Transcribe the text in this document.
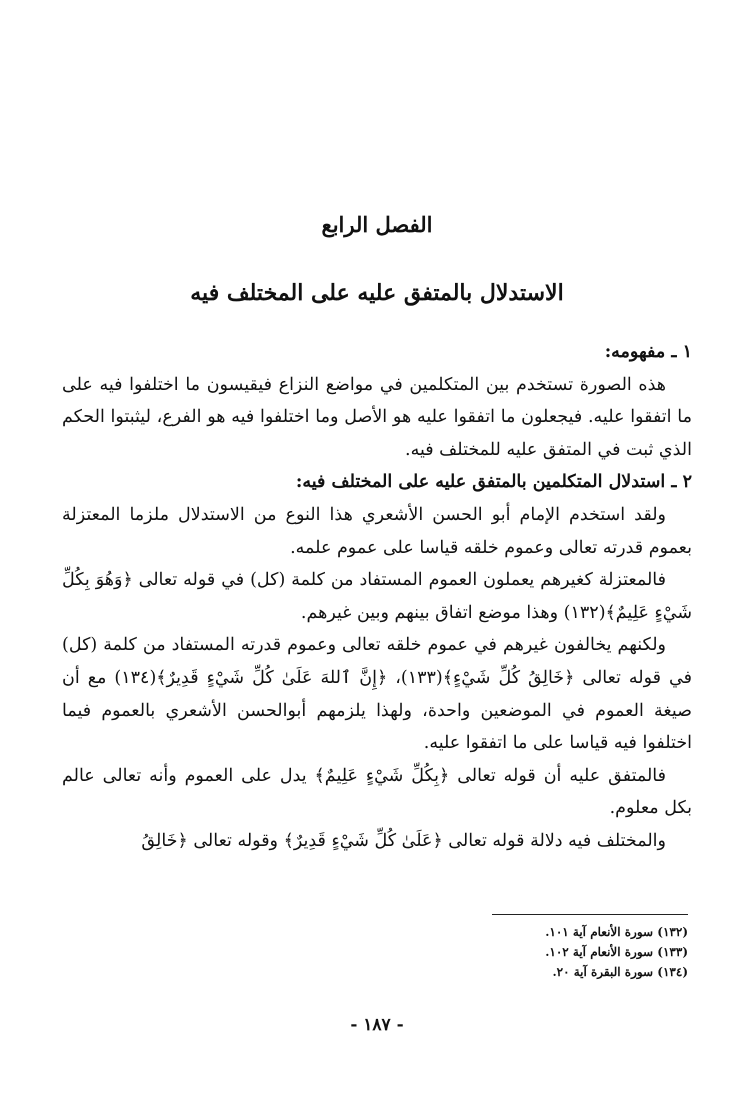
الفصل الرابع
الاستدلال بالمتفق عليه على المختلف فيه

١ ـ مفهومه:

هذه الصورة تستخدم بين المتكلمين في مواضع النزاع فيقيسون ما اختلفوا فيه على ما اتفقوا عليه. فيجعلون ما اتفقوا عليه هو الأصل وما اختلفوا فيه هو الفرع، ليثبتوا الحكم الذي ثبت في المتفق عليه للمختلف فيه.

٢ ـ استدلال المتكلمين بالمتفق عليه على المختلف فيه:

ولقد استخدم الإمام أبو الحسن الأشعري هذا النوع من الاستدلال ملزما المعتزلة بعموم قدرته تعالى وعموم خلقه قياسا على عموم علمه.

فالمعتزلة كغيرهم يعملون العموم المستفاد من كلمة (كل) في قوله تعالى ﴿وَهُوَ بِكُلِّ شَيْءٍ عَلِيمٌ﴾(١٣٢) وهذا موضع اتفاق بينهم وبين غيرهم.

ولكنهم يخالفون غيرهم في عموم خلقه تعالى وعموم قدرته المستفاد من كلمة (كل) في قوله تعالى ﴿خَالِقُ كُلِّ شَيْءٍ﴾(١٣٣)، ﴿إِنَّ ٱللهَ عَلَىٰ كُلِّ شَيْءٍ قَدِيرٌ﴾(١٣٤) مع أن صيغة العموم في الموضعين واحدة، ولهذا يلزمهم أبوالحسن الأشعري بالعموم فيما اختلفوا فيه قياسا على ما اتفقوا عليه.

فالمتفق عليه أن قوله تعالى ﴿بِكُلِّ شَيْءٍ عَلِيمٌ﴾ يدل على العموم وأنه تعالى عالم بكل معلوم.

والمختلف فيه دلالة قوله تعالى ﴿عَلَىٰ كُلِّ شَيْءٍ قَدِيرٌ﴾ وقوله تعالى ﴿خَالِقُ

(١٣٢) سورة الأنعام آية ١٠١.
(١٣٣) سورة الأنعام آية ١٠٢.
(١٣٤) سورة البقرة آية ٢٠.
- ١٨٧ -
